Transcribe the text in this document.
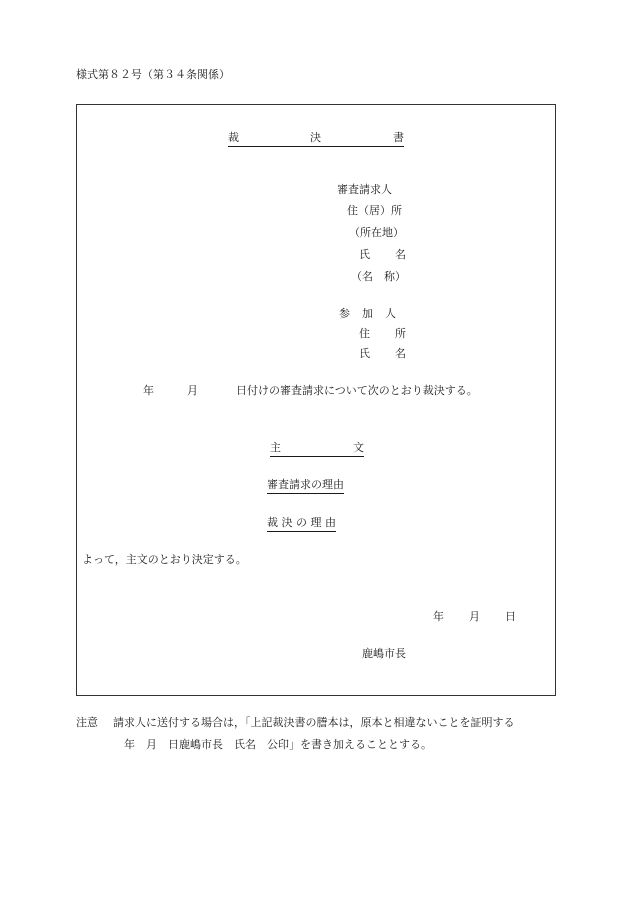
様式第８２号（第３４条関係）
裁	決	書
審査請求人
住（居）所
（所在地）
氏 名
（名　称）
参 加 人
住 所
氏 名
年	月	日付けの審査請求について次のとおり裁決する。
主	文
審査請求の理由
裁 決 の 理 由
よって，主文のとおり決定する。
年 月 日
鹿嶋市長
注意 請求人に送付する場合は，「上記裁決書の謄本は，原本と相違ないことを証明する
年　月　日鹿嶋市長　氏名　公印」を書き加えることとする。
